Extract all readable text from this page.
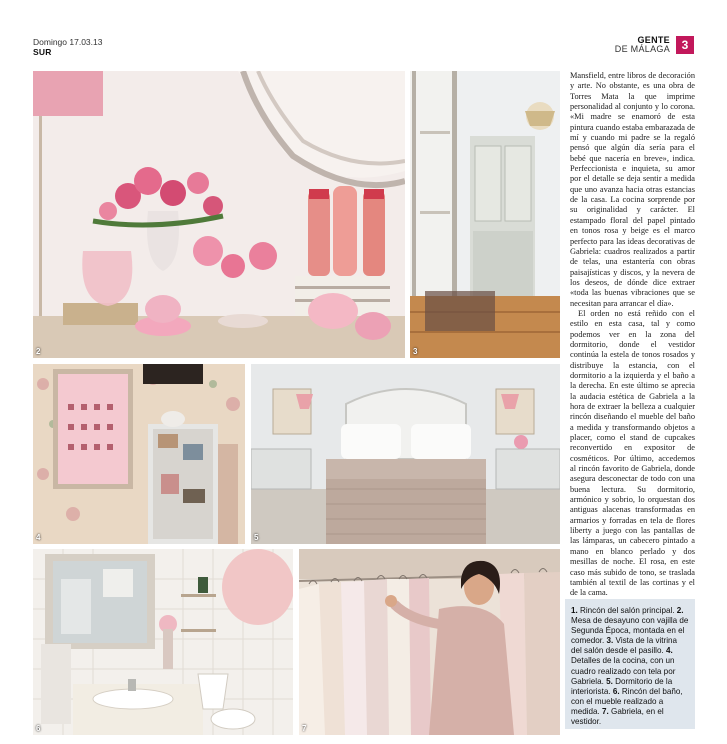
Domingo 17.03.13
SUR
GENTE
DE MÁLAGA 3
2	3
4	5
6	7

Mansfield, entre libros de decoración y arte. No obstante, es una obra de Torres Mata la que imprime personalidad al conjunto y lo corona. «Mi madre se enamoró de esta pintura cuando estaba embarazada de mí y cuando mi padre se la regaló pensó que algún día sería para el bebé que nacería en breve», indica. Perfeccionista e inquieta, su amor por el detalle se deja sentir a medida que uno avanza hacia otras estancias de la casa. La cocina sorprende por su originalidad y carácter. El estampado floral del papel pintado en tonos rosa y beige es el marco perfecto para las ideas decorativas de Gabriela: cuadros realizados a partir de telas, una estantería con obras paisajísticas y discos, y la nevera de los deseos, de dónde dice extraer «toda las buenas vibraciones que se necesitan para arrancar el día».

El orden no está reñido con el estilo en esta casa, tal y como podemos ver en la zona del dormitorio, donde el vestidor continúa la estela de tonos rosados y distribuye la estancia, con el dormitorio a la izquierda y el baño a la derecha. En este último se aprecia la audacia estética de Gabriela a la hora de extraer la belleza a cualquier rincón diseñando el mueble del baño a medida y transformando objetos a placer, como el stand de cupcakes reconvertido en expositor de cosméticos. Por último, accedemos al rincón favorito de Gabriela, donde asegura desconectar de todo con una buena lectura. Su dormitorio, armónico y sobrio, lo orquestan dos antiguas alacenas transformadas en armarios y forradas en tela de flores liberty a juego con las pantallas de las lámparas, un cabecero pintado a mano en blanco perlado y dos mesillas de noche. El rosa, en este caso más subido de tono, se traslada también al textil de las cortinas y el de la cama.

1. Rincón del salón principal. 2. Mesa de desayuno con vajilla de Segunda Época, montada en el comedor. 3. Vista de la vitrina del salón desde el pasillo. 4. Detalles de la cocina, con un cuadro realizado con tela por Gabriela. 5. Dormitorio de la interiorista. 6. Rincón del baño, con el mueble realizado a medida. 7. Gabriela, en el vestidor.
